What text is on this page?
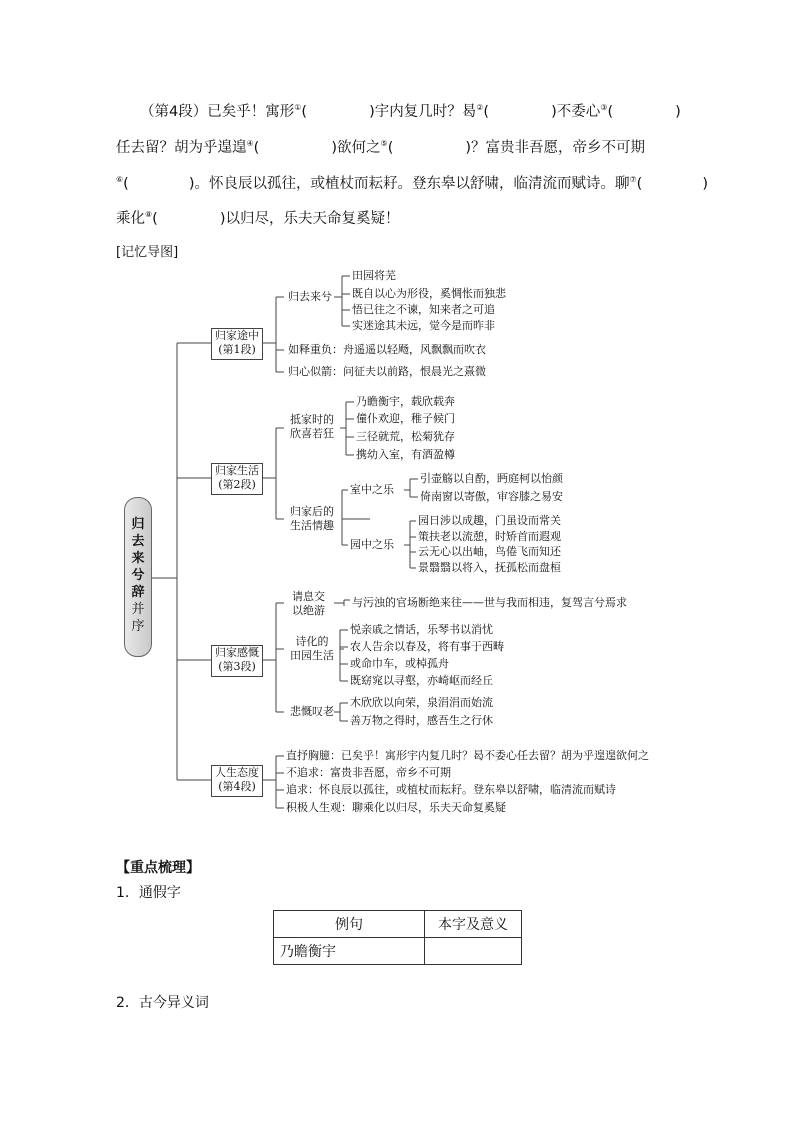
（第4段）已矣乎！寓形①(	)宇内复几时？曷②(	)不委心③(	)
任去留？胡为乎遑遑④(	)欲何之⑤(	)？富贵非吾愿，帝乡不可期
⑥(	)。怀良辰以孤往，或植杖而耘耔。登东皋以舒啸，临清流而赋诗。聊⑦(	)
乘化⑧(	)以归尽，乐夫天命复奚疑！
[记忆导图]
归
去
来
兮
辞
并
序
归家途中
(第1段)
归家生活
(第2段)
归家感慨
(第3段)
人生态度
(第4段)
归去来兮
田园将芜
既自以心为形役，奚惆怅而独悲
悟已往之不谏，知来者之可追
实迷途其未远，觉今是而昨非
如释重负：舟遥遥以轻飏，风飘飘而吹衣
归心似箭：问征夫以前路，恨晨光之熹微
抵家时的
欣喜若狂
乃瞻衡宇，载欣载奔
僮仆欢迎，稚子候门
三径就荒，松菊犹存
携幼入室，有酒盈樽
归家后的
生活情趣
室中之乐
引壶觞以自酌，眄庭柯以怡颜
倚南窗以寄傲，审容膝之易安
园中之乐
园日涉以成趣，门虽设而常关
策扶老以流憩，时矫首而遐观
云无心以出岫，鸟倦飞而知还
景翳翳以将入，抚孤松而盘桓
请息交
以绝游
与污浊的官场断绝来往——世与我而相违，复驾言兮焉求
诗化的
田园生活
悦亲戚之情话，乐琴书以消忧
农人告余以春及，将有事于西畴
或命巾车，或棹孤舟
既窈窕以寻壑，亦崎岖而经丘
悲慨叹老
木欣欣以向荣，泉涓涓而始流
善万物之得时，感吾生之行休
直抒胸臆：已矣乎！寓形宇内复几时？曷不委心任去留？胡为乎遑遑欲何之
不追求：富贵非吾愿，帝乡不可期
追求：怀良辰以孤往，或植杖而耘耔。登东皋以舒啸，临清流而赋诗
积极人生观：聊乘化以归尽，乐夫天命复奚疑
【重点梳理】
1．通假字
例句	本字及意义
乃瞻衡宇	
2．古今异义词
